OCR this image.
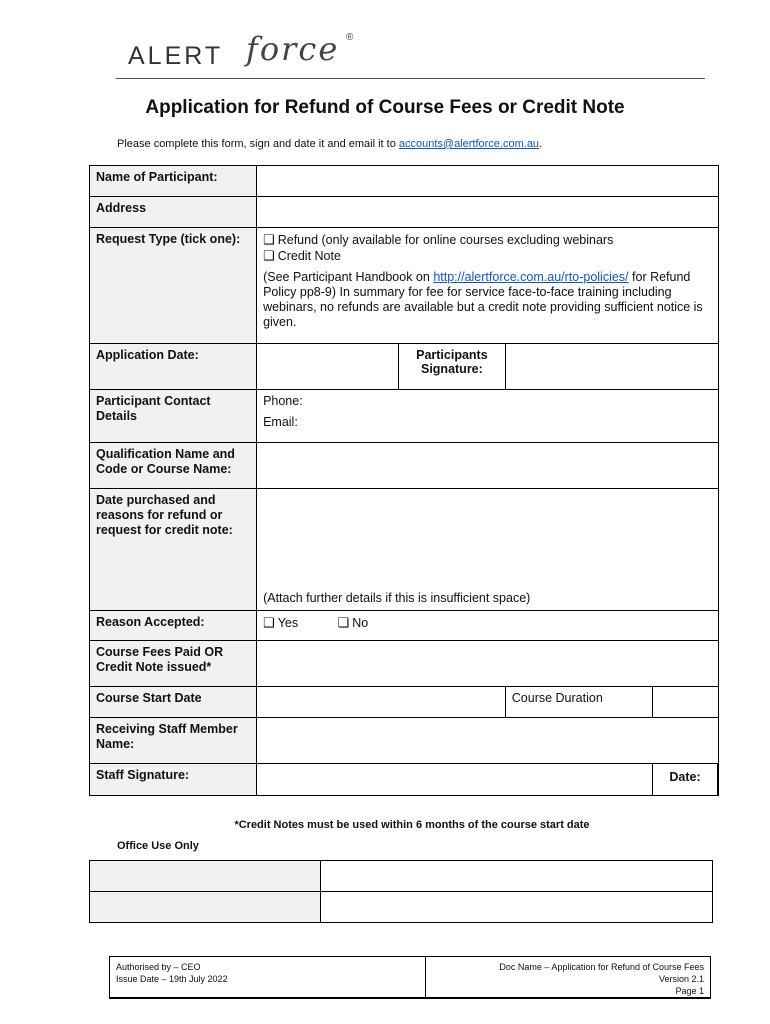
ALERT force ®
Application for Refund of Course Fees or Credit Note
Please complete this form, sign and date it and email it to accounts@alertforce.com.au.
Name of Participant:				
Address				
Request Type (tick one):	❑ Refund (only available for online courses excluding webinars
❑ Credit Note
(See Participant Handbook on http://alertforce.com.au/rto-policies/ for Refund Policy pp8-9) In summary for fee for service face-to-face training including webinars, no refunds are available but a credit note providing sufficient notice is given.			

Application Date:		Participants Signature:		
Participant Contact Details	Phone:
Email:			

Qualification Name and Code or Course Name:				
Date purchased and reasons for refund or request for credit note:	(Attach further details if this is insufficient space)			

Reason Accepted:	❑ Yes ❑ No			
Course Fees Paid OR Credit Note issued*				
Course Start Date			Course Duration	
Receiving Staff Member Name:				
Staff Signature:				Date:
*Credit Notes must be used within 6 months of the course start date
Office Use Only

Authorised by – CEO
Issue Date – 19th July 2022
Doc Name – Application for Refund of Course Fees
Version 2.1
Page 1
